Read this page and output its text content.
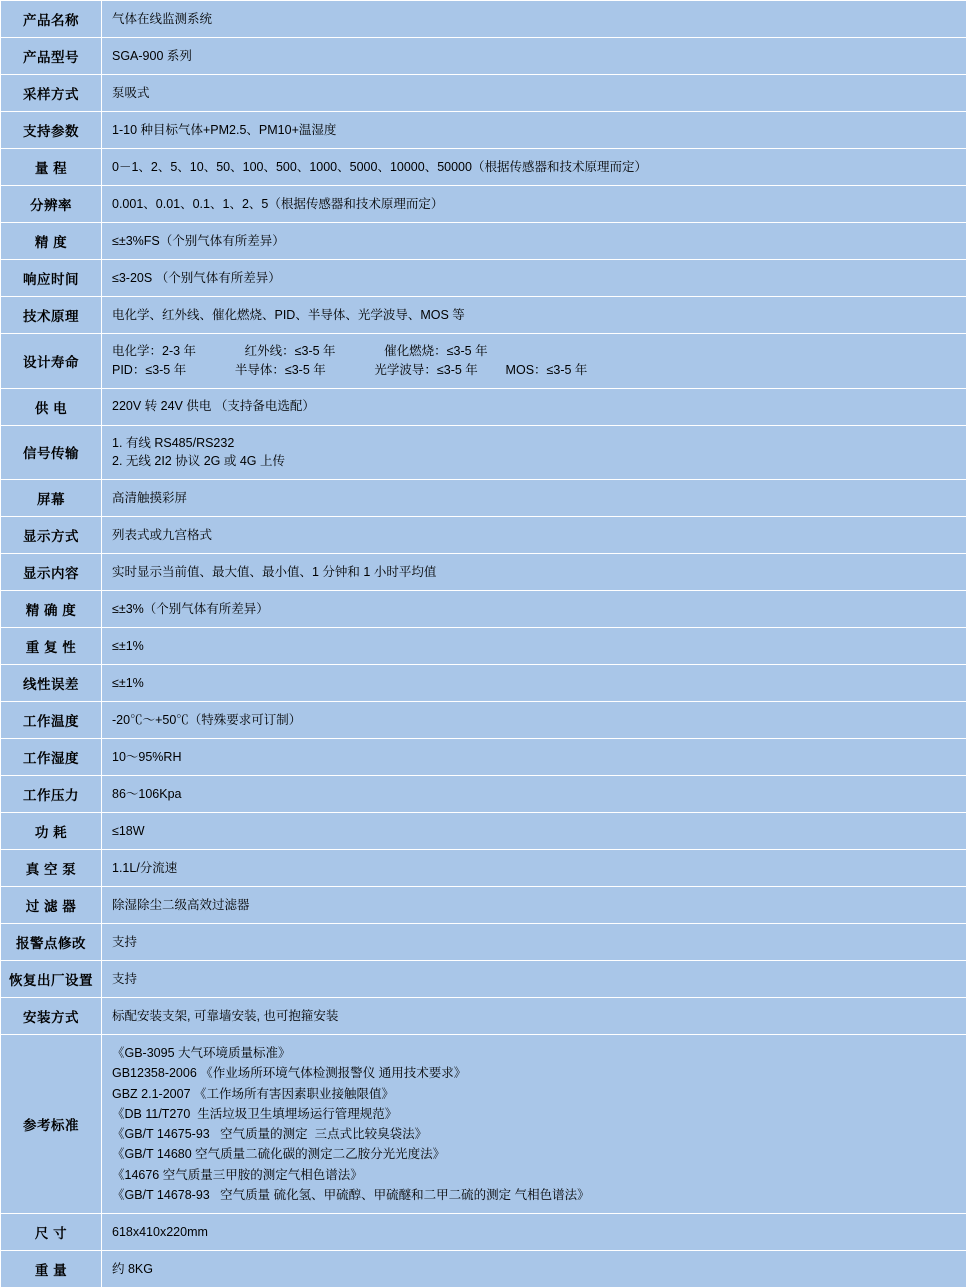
产品名称	气体在线监测系统
产品型号	SGA-900 系列
采样方式	泵吸式
支持参数	1-10 种目标气体+PM2.5、PM10+温湿度
量 程	0－1、2、5、10、50、100、500、1000、5000、10000、50000（根据传感器和技术原理而定）
分辨率	0.001、0.01、0.1、1、2、5（根据传感器和技术原理而定）
精 度	≤±3%FS（个别气体有所差异）
响应时间	≤3-20S （个别气体有所差异）
技术原理	电化学、红外线、催化燃烧、PID、半导体、光学波导、MOS 等
设计寿命	电化学：2-3 年              红外线：≤3-5 年              催化燃烧：≤3-5 年
PID：≤3-5 年              半导体：≤3-5 年              光学波导：≤3-5 年        MOS：≤3-5 年

供 电	220V 转 24V 供电 （支持备电选配）
信号传输	1. 有线 RS485/RS232
2. 无线 2I2 协议 2G 或 4G 上传

屏幕	高清触摸彩屏
显示方式	列表式或九宫格式
显示内容	实时显示当前值、最大值、最小值、1 分钟和 1 小时平均值
精 确 度	≤±3%（个别气体有所差异）
重 复 性	≤±1%
线性误差	≤±1%
工作温度	-20℃～+50℃（特殊要求可订制）
工作湿度	10～95%RH
工作压力	86～106Kpa
功 耗	≤18W
真 空 泵	1.1L/分流速
过 滤 器	除湿除尘二级高效过滤器
报警点修改	支持
恢复出厂设置	支持
安装方式	标配安装支架, 可靠墙安装, 也可抱箍安装
参考标准	
《GB-3095 大气环境质量标准》
GB12358-2006 《作业场所环境气体检测报警仪 通用技术要求》
GBZ 2.1-2007 《工作场所有害因素职业接触限值》
《DB 11/T270  生活垃圾卫生填埋场运行管理规范》
《GB/T 14675-93   空气质量的测定  三点式比较臭袋法》
《GB/T 14680 空气质量二硫化碳的测定二乙胺分光光度法》
《14676 空气质量三甲胺的测定气相色谱法》
《GB/T 14678-93   空气质量 硫化氢、甲硫醇、甲硫醚和二甲二硫的测定 气相色谱法》

尺 寸	618x410x220mm
重 量	约 8KG
